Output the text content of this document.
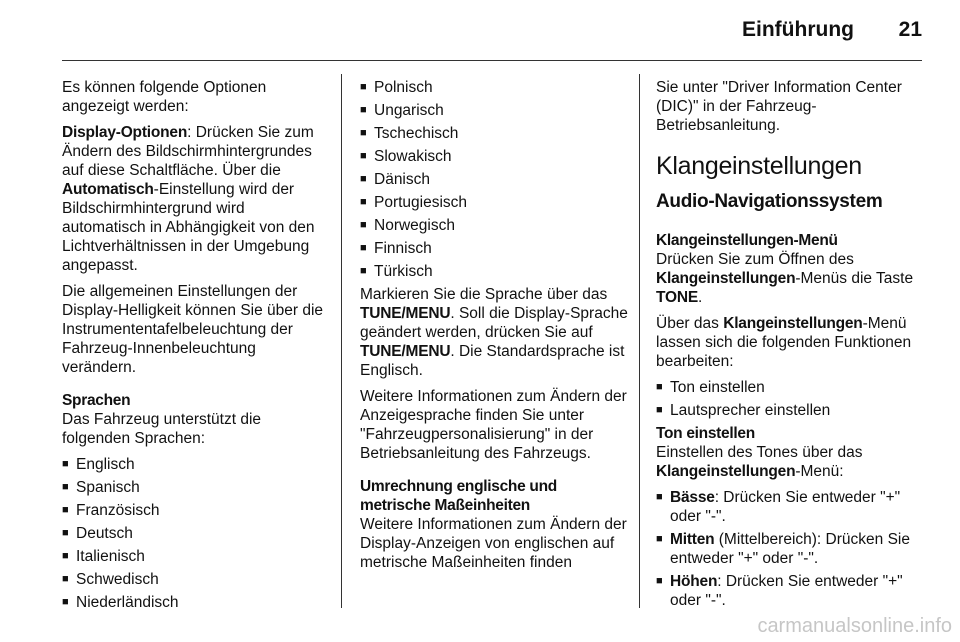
Einführung 21

Es können folgende Optionen angezeigt werden:

Display-Optionen: Drücken Sie zum Ändern des Bildschirmhintergrundes auf diese Schaltfläche. Über die Automatisch-Einstellung wird der Bildschirmhintergrund wird automatisch in Abhängigkeit von den Lichtverhältnissen in der Umgebung angepasst.

Die allgemeinen Einstellungen der Display-Helligkeit können Sie über die Instrumententafelbeleuchtung der Fahrzeug-Innenbeleuchtung verändern.

Sprachen

Das Fahrzeug unterstützt die folgenden Sprachen:

■ Englisch
■ Spanisch
■ Französisch
■ Deutsch
■ Italienisch
■ Schwedisch
■ Niederländisch
■ Polnisch
■ Ungarisch
■ Tschechisch
■ Slowakisch
■ Dänisch
■ Portugiesisch
■ Norwegisch
■ Finnisch
■ Türkisch

Markieren Sie die Sprache über das TUNE/MENU. Soll die Display-Sprache geändert werden, drücken Sie auf TUNE/MENU. Die Standardsprache ist Englisch.

Weitere Informationen zum Ändern der Anzeigesprache finden Sie unter "Fahrzeugpersonalisierung" in der Betriebsanleitung des Fahrzeugs.

Umrechnung englische und metrische Maßeinheiten

Weitere Informationen zum Ändern der Display-Anzeigen von englischen auf metrische Maßeinheiten finden

Sie unter "Driver Information Center (DIC)" in der Fahrzeug-Betriebsanleitung.

Klangeinstellungen
Audio-Navigationssystem
Klangeinstellungen-Menü

Drücken Sie zum Öffnen des Klangeinstellungen-Menüs die Taste TONE.

Über das Klangeinstellungen-Menü lassen sich die folgenden Funktionen bearbeiten:

■ Ton einstellen
■ Lautsprecher einstellen
Ton einstellen

Einstellen des Tones über das Klangeinstellungen-Menü:

■ Bässe: Drücken Sie entweder "+" oder "-".
■ Mitten (Mittelbereich): Drücken Sie entweder "+" oder "-".
■ Höhen: Drücken Sie entweder "+" oder "-".
carmanualsonline.info
